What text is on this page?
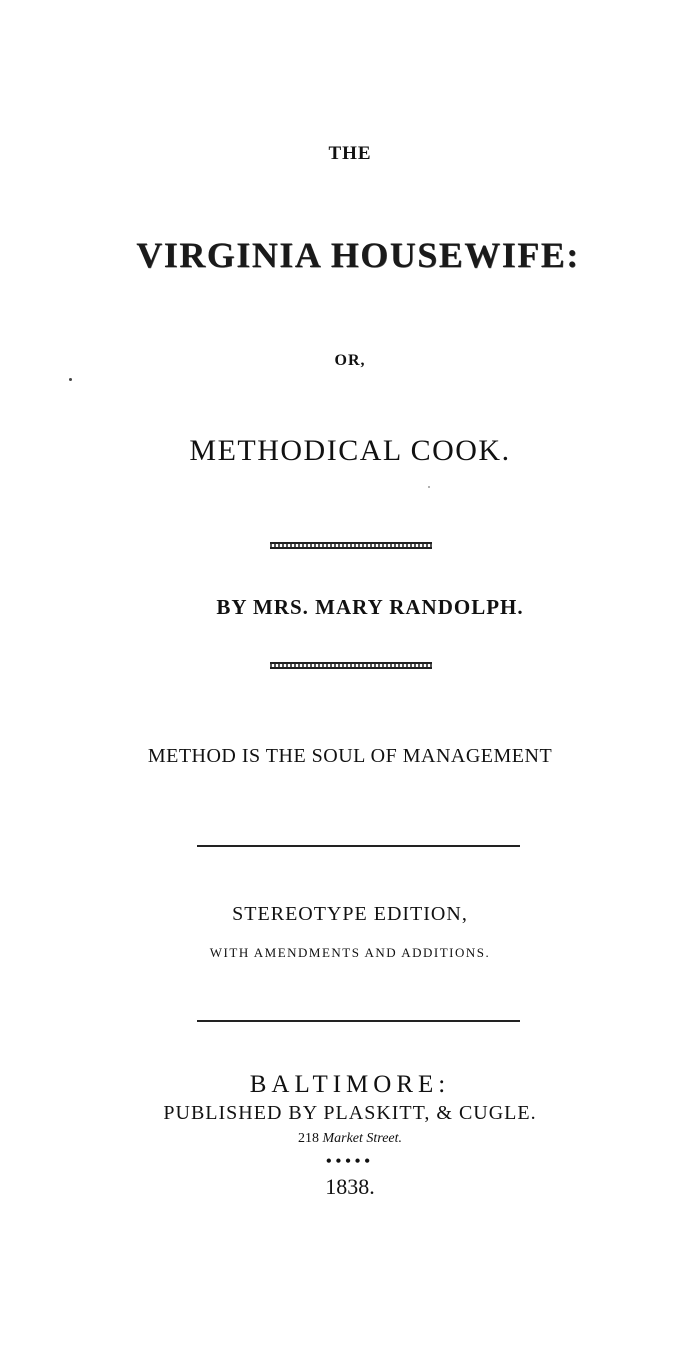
THE
VIRGINIA HOUSEWIFE:
OR,
METHODICAL COOK.
BY MRS. MARY RANDOLPH.
METHOD IS THE SOUL OF MANAGEMENT
STEREOTYPE EDITION,
WITH AMENDMENTS AND ADDITIONS.
BALTIMORE:
PUBLISHED BY PLASKITT, & CUGLE.
218 Market Street.
•••••
1838.
